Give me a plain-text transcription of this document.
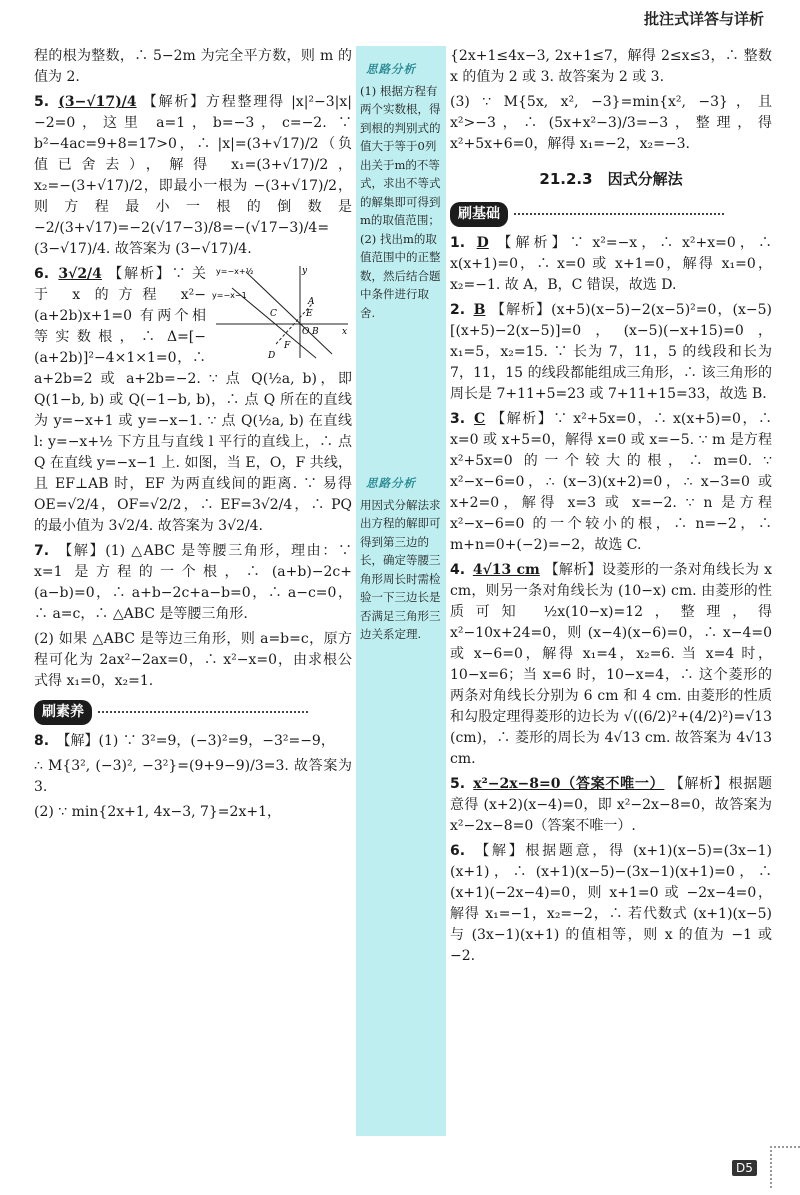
批注式详答与详析

程的根为整数，∴ 5−2m 为完全平方数，则 m 的值为 2.

5. (3−√17)/4 【解析】方程整理得 |x|²−3|x|−2=0，这里 a=1，b=−3，c=−2. ∵ b²−4ac=9+8=17>0，∴ |x|=(3+√17)/2（负值已舍去），解得 x₁=(3+√17)/2，x₂=−(3+√17)/2，即最小一根为 −(3+√17)/2，则方程最小一根的倒数是 −2/(3+√17)=−2(√17−3)/8=−(√17−3)/4=(3−√17)/4. 故答案为 (3−√17)/4.

y=−x+½
y=−x−1
y
A
E
C
O B	x
F
D
6. 3√2/4 【解析】∵ 关于 x 的方程 x²−(a+2b)x+1=0 有两个相等实数根，∴ Δ=[−(a+2b)]²−4×1×1=0，∴ a+2b=2 或 a+2b=−2. ∵ 点 Q(½a, b)，即 Q(1−b, b) 或 Q(−1−b, b)，∴ 点 Q 所在的直线为 y=−x+1 或 y=−x−1. ∵ 点 Q(½a, b) 在直线 l: y=−x+½ 下方且与直线 l 平行的直线上，∴ 点 Q 在直线 y=−x−1 上. 如图，当 E，O，F 共线，且 EF⊥AB 时，EF 为两直线间的距离. ∵ 易得 OE=√2/4，OF=√2/2，∴ EF=3√2/4，∴ PQ 的最小值为 3√2/4. 故答案为 3√2/4.

7. 【解】(1) △ABC 是等腰三角形，理由：∵ x=1 是方程的一个根，∴ (a+b)−2c+(a−b)=0，∴ a+b−2c+a−b=0，∴ a−c=0，∴ a=c，∴ △ABC 是等腰三角形.

(2) 如果 △ABC 是等边三角形，则 a=b=c，原方程可化为 2ax²−2ax=0，∴ x²−x=0，由求根公式得 x₁=0，x₂=1.

刷素养

8. 【解】(1) ∵ 3²=9，(−3)²=9，−3²=−9，

∴ M{3², (−3)², −3²}=(9+9−9)/3=3. 故答案为 3.

(2) ∵ min{2x+1, 4x−3, 7}=2x+1，

思路分析
(1) 根据方程有两个实数根，得到根的判别式的值大于等于0列出关于m的不等式，求出不等式的解集即可得到m的取值范围；(2) 找出m的取值范围中的正整数，然后结合题中条件进行取舍.
思路分析
用因式分解法求出方程的解即可得到第三边的长，确定等腰三角形周长时需检验一下三边长是否满足三角形三边关系定理.

{2x+1≤4x−3, 2x+1≤7，解得 2≤x≤3，∴ 整数 x 的值为 2 或 3. 故答案为 2 或 3.

(3) ∵ M{5x, x², −3}=min{x², −3}，且 x²>−3，∴ (5x+x²−3)/3=−3，整理，得 x²+5x+6=0，解得 x₁=−2，x₂=−3.

21.2.3　因式分解法
刷基础

1. D 【解析】∵ x²=−x，∴ x²+x=0，∴ x(x+1)=0，∴ x=0 或 x+1=0，解得 x₁=0，x₂=−1. 故 A，B，C 错误，故选 D.

2. B 【解析】(x+5)(x−5)−2(x−5)²=0，(x−5)[(x+5)−2(x−5)]=0，(x−5)(−x+15)=0，x₁=5，x₂=15. ∵ 长为 7，11，5 的线段和长为 7，11，15 的线段都能组成三角形，∴ 该三角形的周长是 7+11+5=23 或 7+11+15=33，故选 B.

3. C 【解析】∵ x²+5x=0，∴ x(x+5)=0，∴ x=0 或 x+5=0，解得 x=0 或 x=−5. ∵ m 是方程 x²+5x=0 的一个较大的根，∴ m=0. ∵ x²−x−6=0，∴ (x−3)(x+2)=0，∴ x−3=0 或 x+2=0，解得 x=3 或 x=−2. ∵ n 是方程 x²−x−6=0 的一个较小的根，∴ n=−2，∴ m+n=0+(−2)=−2，故选 C.

4. 4√13 cm 【解析】设菱形的一条对角线长为 x cm，则另一条对角线长为 (10−x) cm. 由菱形的性质可知 ½x(10−x)=12，整理，得 x²−10x+24=0，则 (x−4)(x−6)=0，∴ x−4=0 或 x−6=0，解得 x₁=4，x₂=6. 当 x=4 时，10−x=6；当 x=6 时，10−x=4，∴ 这个菱形的两条对角线长分别为 6 cm 和 4 cm. 由菱形的性质和勾股定理得菱形的边长为 √((6/2)²+(4/2)²)=√13 (cm)，∴ 菱形的周长为 4√13 cm. 故答案为 4√13 cm.

5. x²−2x−8=0（答案不唯一） 【解析】根据题意得 (x+2)(x−4)=0，即 x²−2x−8=0，故答案为 x²−2x−8=0（答案不唯一）.

6. 【解】根据题意，得 (x+1)(x−5)=(3x−1)(x+1)，∴ (x+1)(x−5)−(3x−1)(x+1)=0，∴ (x+1)(−2x−4)=0，则 x+1=0 或 −2x−4=0，解得 x₁=−1，x₂=−2，∴ 若代数式 (x+1)(x−5) 与 (3x−1)(x+1) 的值相等，则 x 的值为 −1 或 −2.

D5
